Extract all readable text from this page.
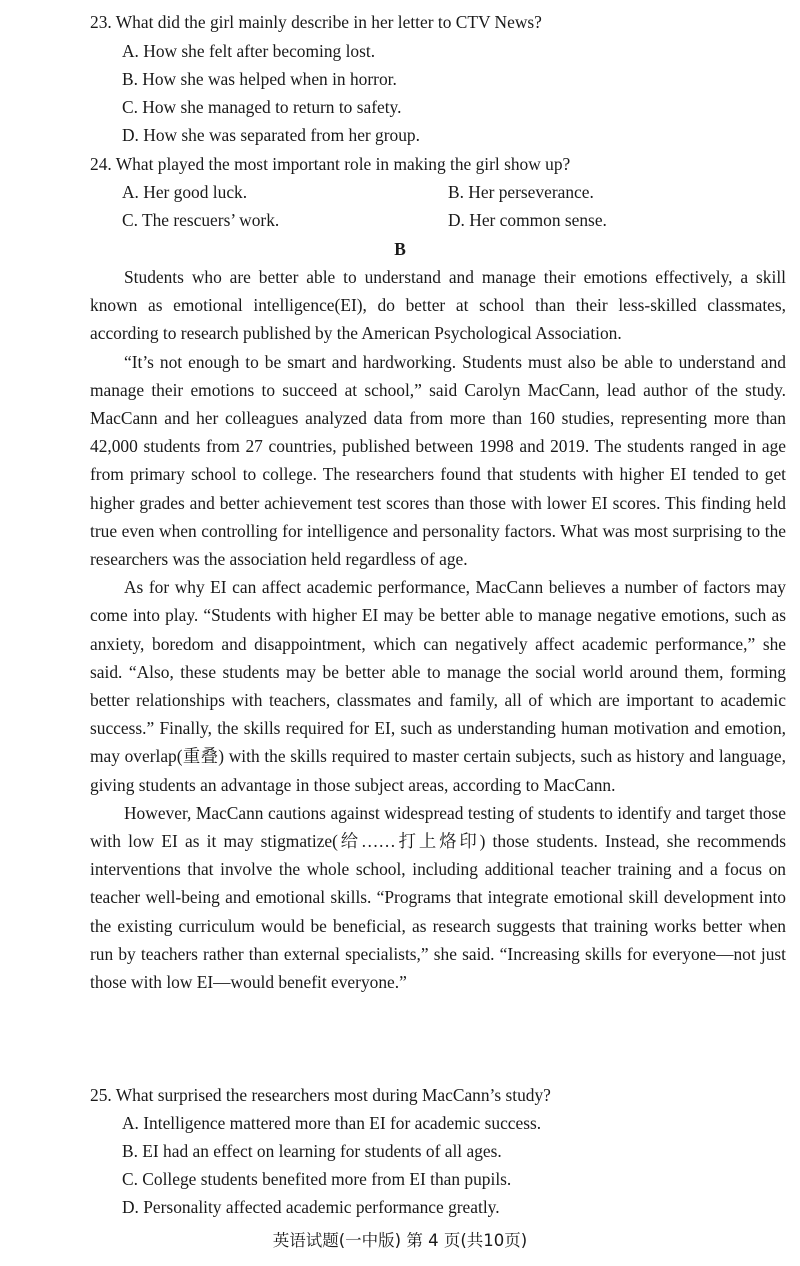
23. What did the girl mainly describe in her letter to CTV News?
A. How she felt after becoming lost.
B. How she was helped when in horror.
C. How she managed to return to safety.
D. How she was separated from her group.
24. What played the most important role in making the girl show up?
A. Her good luck.	B. Her perseverance.
C. The rescuers’ work.	D. Her common sense.
B

Students who are better able to understand and manage their emotions effectively, a skill known as emotional intelligence(EI), do better at school than their less-skilled classmates, according to research published by the American Psychological Association.

“It’s not enough to be smart and hardworking. Students must also be able to understand and manage their emotions to succeed at school,” said Carolyn MacCann, lead author of the study. MacCann and her colleagues analyzed data from more than 160 studies, representing more than 42,000 students from 27 countries, published between 1998 and 2019. The students ranged in age from primary school to college. The researchers found that students with higher EI tended to get higher grades and better achievement test scores than those with lower EI scores. This finding held true even when controlling for intelligence and personality factors. What was most surprising to the researchers was the association held regardless of age.

As for why EI can affect academic performance, MacCann believes a number of factors may come into play. “Students with higher EI may be better able to manage negative emotions, such as anxiety, boredom and disappointment, which can negatively affect academic performance,” she said. “Also, these students may be better able to manage the social world around them, forming better relationships with teachers, classmates and family, all of which are important to academic success.” Finally, the skills required for EI, such as understanding human motivation and emotion, may overlap(重叠) with the skills required to master certain subjects, such as history and language, giving students an advantage in those subject areas, according to MacCann.

However, MacCann cautions against widespread testing of students to identify and target those with low EI as it may stigmatize(给……打上烙印) those students. Instead, she recommends interventions that involve the whole school, including additional teacher training and a focus on teacher well-being and emotional skills. “Programs that integrate emotional skill development into the existing curriculum would be beneficial, as research suggests that training works better when run by teachers rather than external specialists,” she said. “Increasing skills for everyone—not just those with low EI—would benefit everyone.”

25. What surprised the researchers most during MacCann’s study?
A. Intelligence mattered more than EI for academic success.
B. EI had an effect on learning for students of all ages.
C. College students benefited more from EI than pupils.
D. Personality affected academic performance greatly.
英语试题(一中版) 第 4 页(共10页)
